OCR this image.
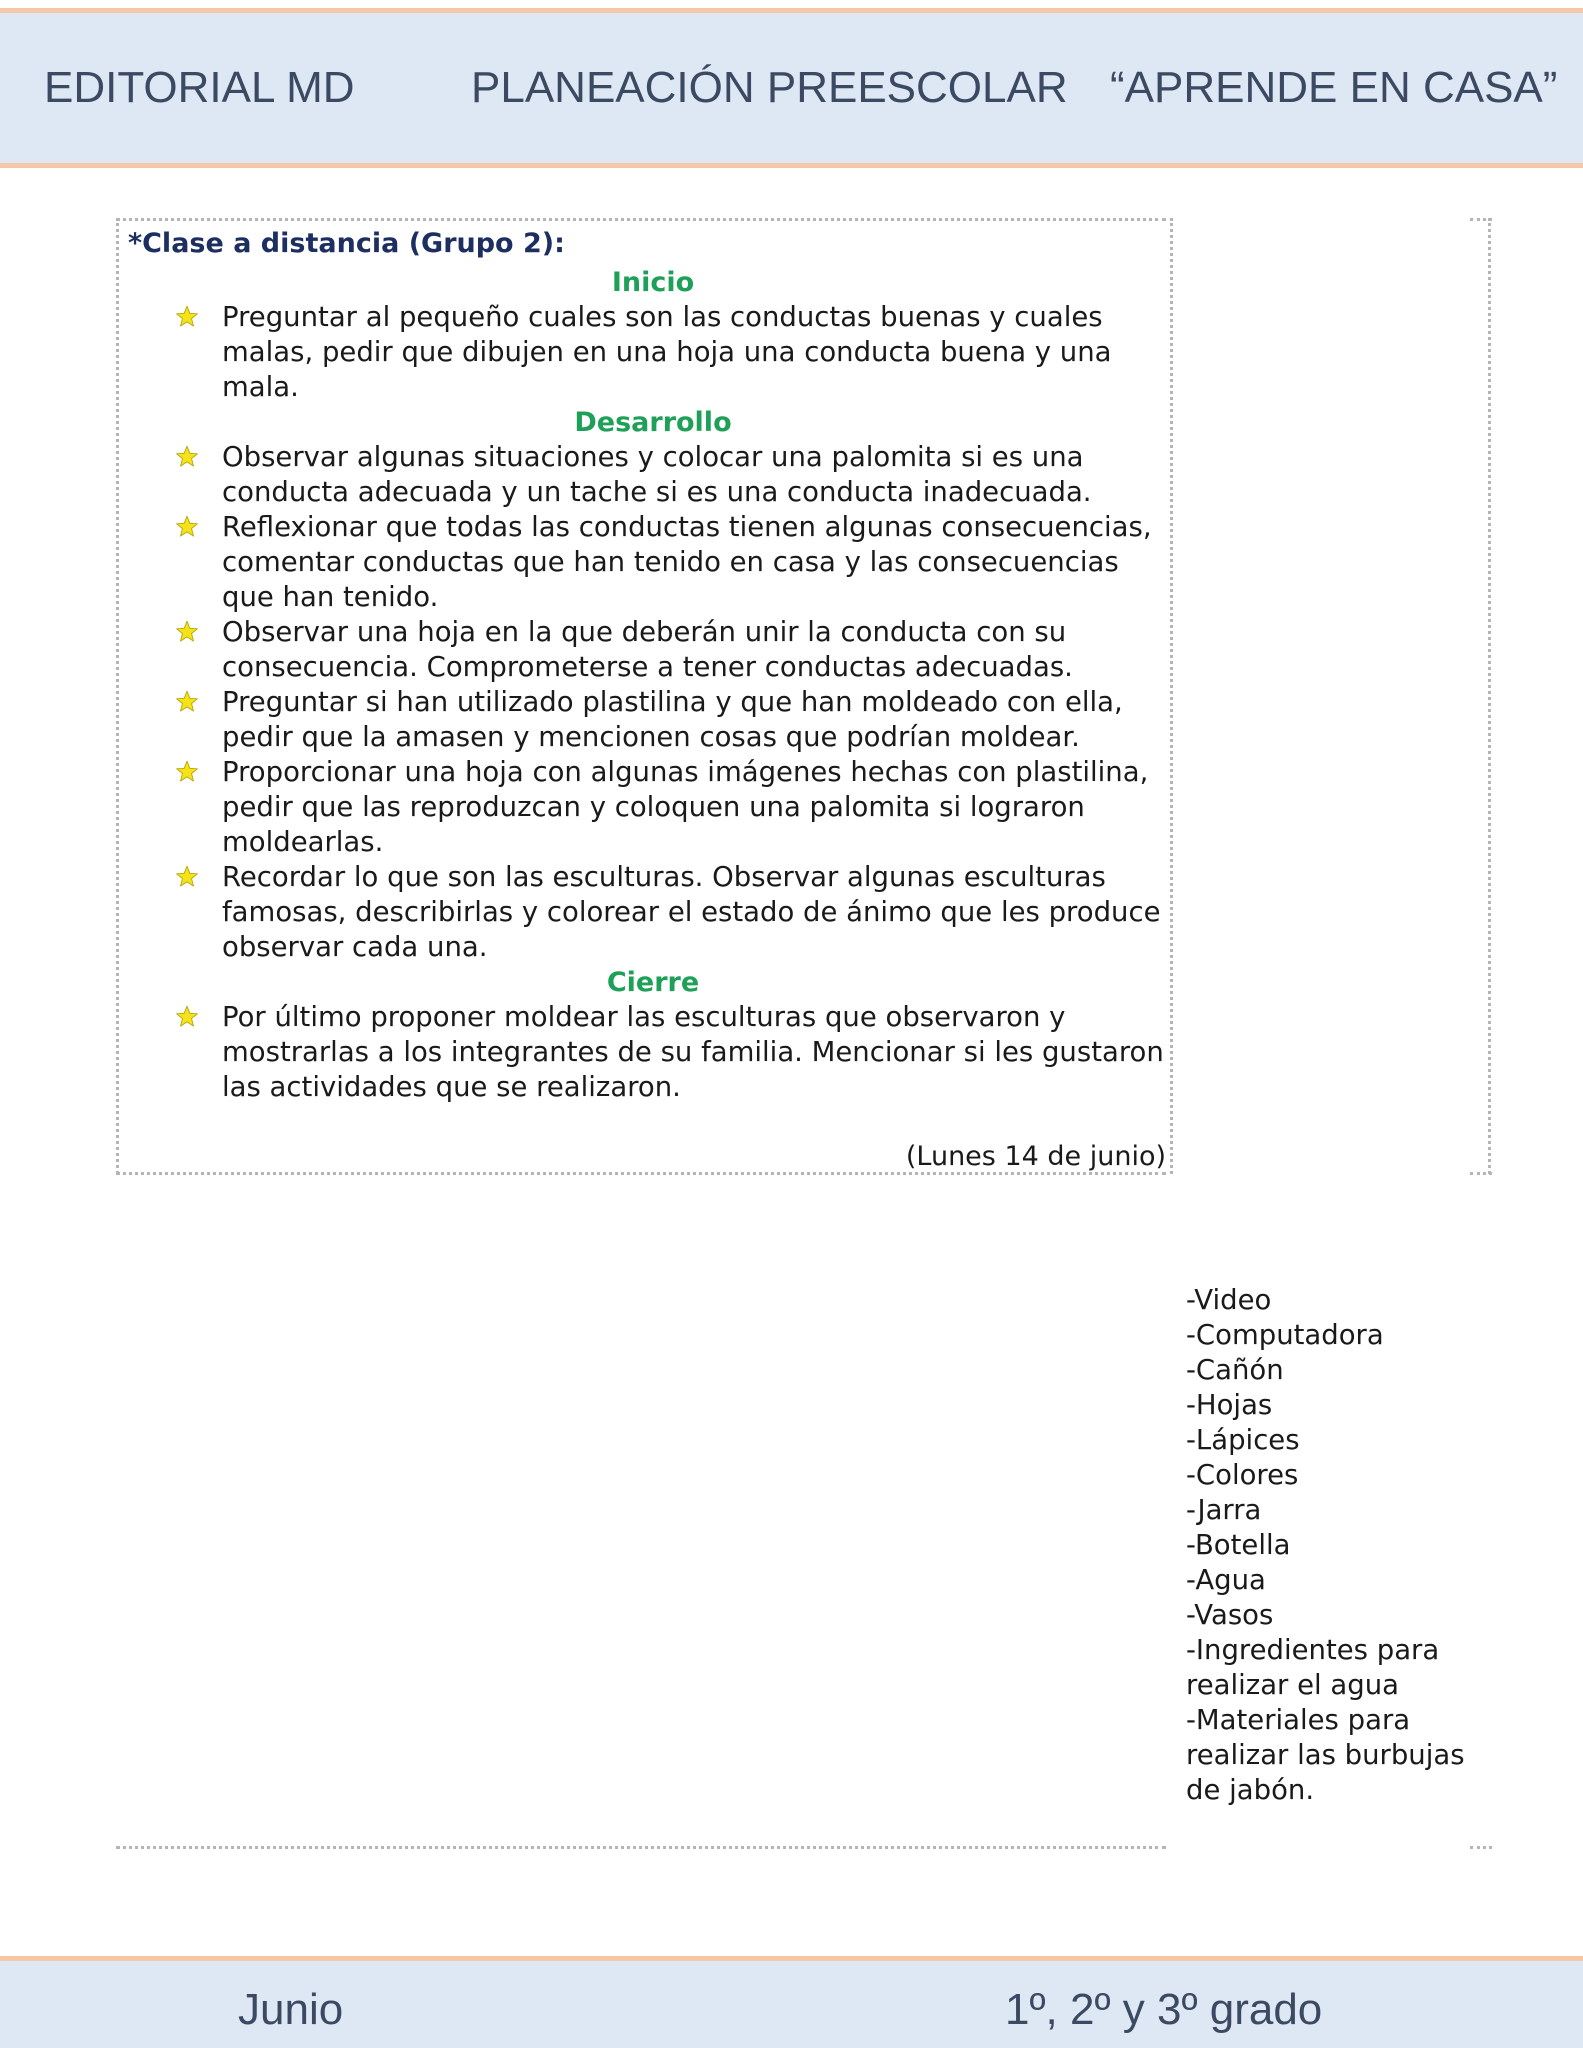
EDITORIAL MD	PLANEACIÓN PREESCOLAR “APRENDE EN CASA”
*Clase a distancia (Grupo 2):
Inicio
Preguntar al pequeño cuales son las conductas buenas y cuales malas, pedir que dibujen en una hoja una conducta buena y una mala.
Desarrollo
Observar algunas situaciones y colocar una palomita si es una conducta adecuada y un tache si es una conducta inadecuada.
Reflexionar que todas las conductas tienen algunas consecuencias, comentar conductas que han tenido en casa y las consecuencias que han tenido.
Observar una hoja en la que deberán unir la conducta con su consecuencia. Comprometerse a tener conductas adecuadas.
Preguntar si han utilizado plastilina y que han moldeado con ella, pedir que la amasen y mencionen cosas que podrían moldear.
Proporcionar una hoja con algunas imágenes hechas con plastilina, pedir que las reproduzcan y coloquen una palomita si lograron moldearlas.
Recordar lo que son las esculturas. Observar algunas esculturas famosas, describirlas y colorear el estado de ánimo que les produce observar cada una.
Cierre
Por último proponer moldear las esculturas que observaron y mostrarlas a los integrantes de su familia. Mencionar si les gustaron las actividades que se realizaron.
(Lunes 14 de junio)
-Video
-Computadora
-Cañón
-Hojas
-Lápices
-Colores
-Jarra
-Botella
-Agua
-Vasos
-Ingredientes para realizar el agua
-Materiales para realizar las burbujas de jabón.
Junio	1º, 2º y 3º grado
